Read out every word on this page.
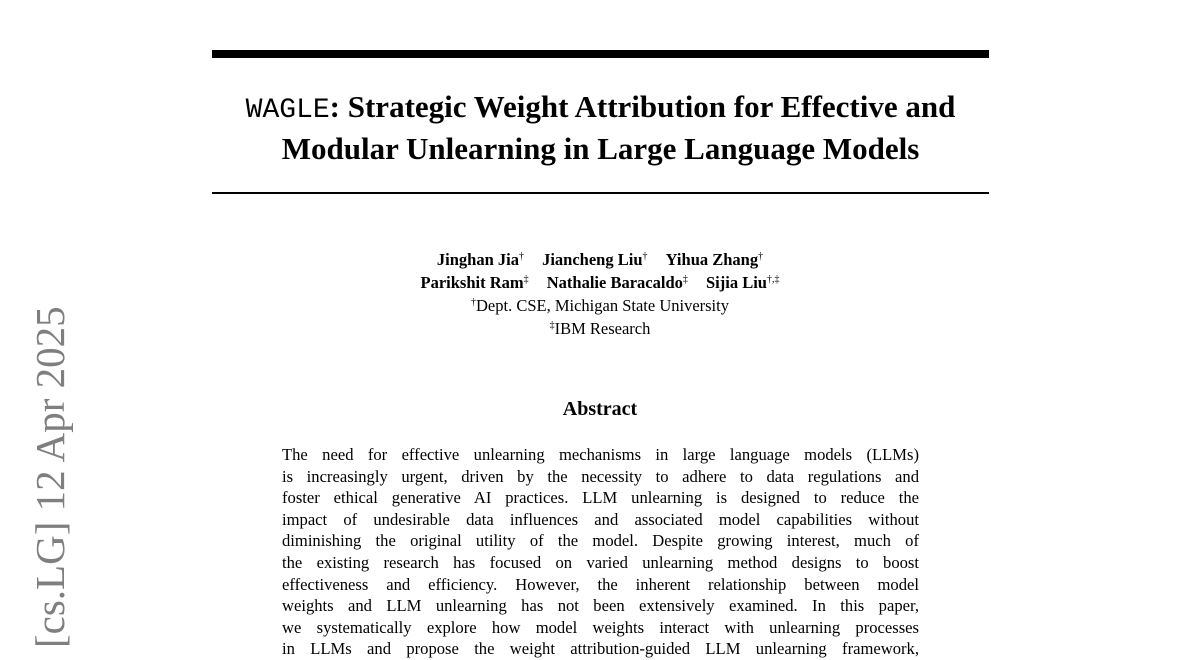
[cs.LG] 12 Apr 2025
WAGLE: Strategic Weight Attribution for Effective and
Modular Unlearning in Large Language Models
Jinghan Jia† Jiancheng Liu† Yihua Zhang†
Parikshit Ram‡ Nathalie Baracaldo‡ Sijia Liu†,‡
†Dept. CSE, Michigan State University
‡IBM Research
Abstract
The need for effective unlearning mechanisms in large language models (LLMs)
is increasingly urgent, driven by the necessity to adhere to data regulations and
foster ethical generative AI practices. LLM unlearning is designed to reduce the
impact of undesirable data influences and associated model capabilities without
diminishing the original utility of the model. Despite growing interest, much of
the existing research has focused on varied unlearning method designs to boost
effectiveness and efficiency. However, the inherent relationship between model
weights and LLM unlearning has not been extensively examined. In this paper,
we systematically explore how model weights interact with unlearning processes
in LLMs and propose the weight attribution-guided LLM unlearning framework,
